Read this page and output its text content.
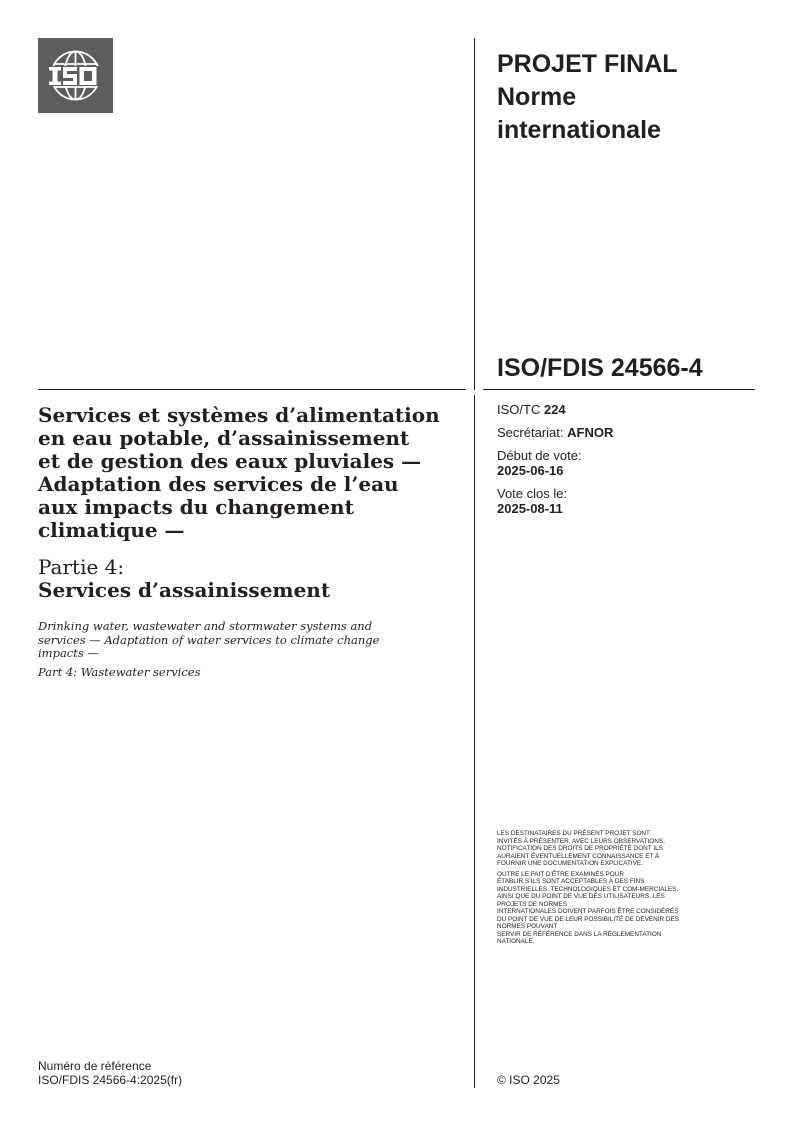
PROJET FINAL
Norme
internationale
ISO/FDIS 24566-4
ISO/TC 224
Secrétariat: AFNOR
Début de vote:
2025-06-16
Vote clos le:
2025-08-11
Services et systèmes d’alimentation
en eau potable, d’assainissement
et de gestion des eaux pluviales —
Adaptation des services de l’eau
aux impacts du changement
climatique —
Partie 4:
Services d’assainissement
Drinking water, wastewater and stormwater systems and
services — Adaptation of water services to climate change
impacts —
Part 4: Wastewater services
LES DESTINATAIRES DU PRÉSENT PROJET SONT
INVITÉS À PRÉSENTER, AVEC LEURS OBSERVATIONS,
NOTIFICATION DES DROITS DE PROPRIÉTÉ DONT ILS
AURAIENT ÉVENTUELLEMENT CONNAISSANCE ET À
FOURNIR UNE DOCUMENTATION EXPLICATIVE.
OUTRE LE FAIT D’ÊTRE EXAMINÉS POUR
ÉTABLIR S’ILS SONT ACCEPTABLES À DES FINS
INDUSTRIELLES, TECHNOLOGIQUES ET COM-MERCIALES,
AINSI QUE DU POINT DE VUE DES UTILISATEURS, LES
PROJETS DE NORMES
INTERNATIONALES DOIVENT PARFOIS ÊTRE CONSIDÉRÉS
DU POINT DE VUE DE LEUR POSSIBILITÉ DE DEVENIR DES
NORMES POUVANT
SERVIR DE RÉFÉRENCE DANS LA RÉGLEMENTATION
NATIONALE.
Numéro de référence
ISO/FDIS 24566-4:2025(fr)	© ISO 2025
